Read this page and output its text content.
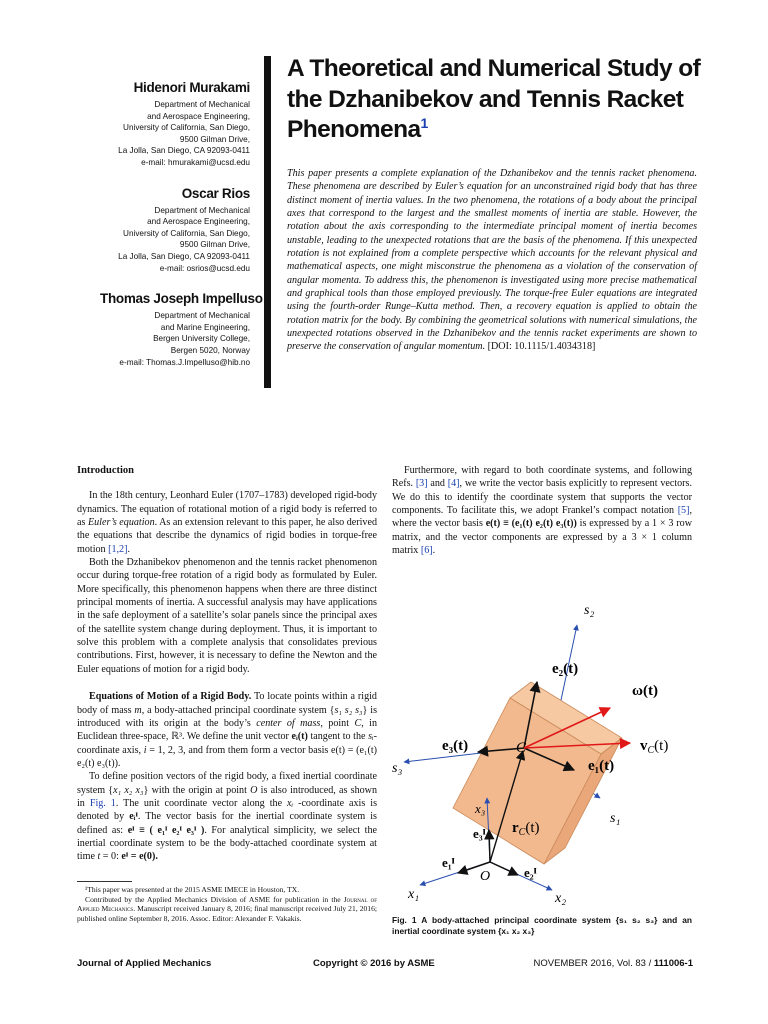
Hidenori Murakami
Department of Mechanical
and Aerospace Engineering,
University of California, San Diego,
9500 Gilman Drive,
La Jolla, San Diego, CA 92093-0411
e-mail: hmurakami@ucsd.edu
Oscar Rios
Department of Mechanical
and Aerospace Engineering,
University of California, San Diego,
9500 Gilman Drive,
La Jolla, San Diego, CA 92093-0411
e-mail: osrios@ucsd.edu
Thomas Joseph Impelluso
Department of Mechanical
and Marine Engineering,
Bergen University College,
Bergen 5020, Norway
e-mail: Thomas.J.Impelluso@hib.no
A Theoretical and Numerical Study of the Dzhanibekov and Tennis Racket Phenomena$^1$

This paper presents a complete explanation of the Dzhanibekov and the tennis racket phenomena. These phenomena are described by Euler’s equation for an unconstrained rigid body that has three distinct moment of inertia values. In the two phenomena, the rotations of a body about the principal axes that correspond to the largest and the smallest moments of inertia are stable. However, the rotation about the axis corresponding to the intermediate principal moment of inertia becomes unstable, leading to the unexpected rotations that are the basis of the phenomena. If this unexpected rotation is not explained from a complete perspective which accounts for the relevant physical and mathematical aspects, one might misconstrue the phenomena as a violation of the conservation of angular momenta. To address this, the phenomenon is investigated using more precise mathematical and graphical tools than those employed previously. The torque-free Euler equations are integrated using the fourth-order Runge–Kutta method. Then, a recovery equation is applied to obtain the rotation matrix for the body. By combining the geometrical solutions with numerical simulations, the unexpected rotations observed in the Dzhanibekov and the tennis racket experiments are shown to preserve the conservation of angular momentum. [DOI: 10.1115/1.4034318]

Introduction

In the 18th century, Leonhard Euler (1707–1783) developed rigid-body dynamics. The equation of rotational motion of a rigid body is referred to as Euler’s equation. As an extension relevant to this paper, he also derived the equations that describe the dynamics of rigid bodies in torque-free motion [1,2].

Both the Dzhanibekov phenomenon and the tennis racket phenomenon occur during torque-free rotation of a rigid body as formulated by Euler. More specifically, this phenomenon happens when there are three distinct principal moments of inertia. A successful analysis may have applications in the safe deployment of a satellite’s solar panels since the principal axes of the satellite system change during deployment. Thus, it is important to solve this problem with a complete analysis that consolidates previous contributions. First, however, it is necessary to define the Newton and the Euler equations of motion for a rigid body.

Equations of Motion of a Rigid Body. To locate points within a rigid body of mass m, a body-attached principal coordinate system {s₁ s₂ s₃} is introduced with its origin at the body’s center of mass, point C, in Euclidean three-space, ℝ³. We define the unit vector eᵢ(t) tangent to the sᵢ-coordinate axis, i = 1, 2, 3, and from them form a vector basis e(t) = (e₁(t) e₂(t) e₃(t)).

To define position vectors of the rigid body, a fixed inertial coordinate system {x₁ x₂ x₃} with the origin at point O is also introduced, as shown in Fig. 1. The unit coordinate vector along the xᵢ -coordinate axis is denoted by eᵢᴵ. The vector basis for the inertial coordinate system is defined as: eᴵ ≡ ( e₁ᴵ e₂ᴵ e₃ᴵ ). For analytical simplicity, we select the inertial coordinate system to be the body-attached coordinate system at time t = 0: eᴵ = e(0).

Furthermore, with regard to both coordinate systems, and following Refs. [3] and [4], we write the vector basis explicitly to represent vectors. We do this to identify the coordinate system that supports the vector components. To facilitate this, we adopt Frankel’s compact notation [5], where the vector basis e(t) ≡ (e₁(t) e₂(t) e₃(t)) is expressed by a 1 × 3 row matrix, and the vector components are expressed by a 3 × 1 column matrix [6].

s₂
e₂(t)
ω(t)
e₃(t)	C	$v_C(t)$
e₁(t)
s₃
s₁
x₃
e₃ᴵ $r_C(t)$
e₁ᴵ
O	e₂ᴵ
x₁	x₂
Fig. 1 A body-attached principal coordinate system {s₁ s₂ s₃} and an inertial coordinate system {x₁ x₂ x₃}

¹This paper was presented at the 2015 ASME IMECE in Houston, TX.

Contributed by the Applied Mechanics Division of ASME for publication in the Journal of Applied Mechanics. Manuscript received January 8, 2016; final manuscript received July 21, 2016; published online September 8, 2016. Assoc. Editor: Alexander F. Vakakis.

Journal of Applied Mechanics	Copyright © 2016 by ASME	NOVEMBER 2016, Vol. 83 / 111006-1
